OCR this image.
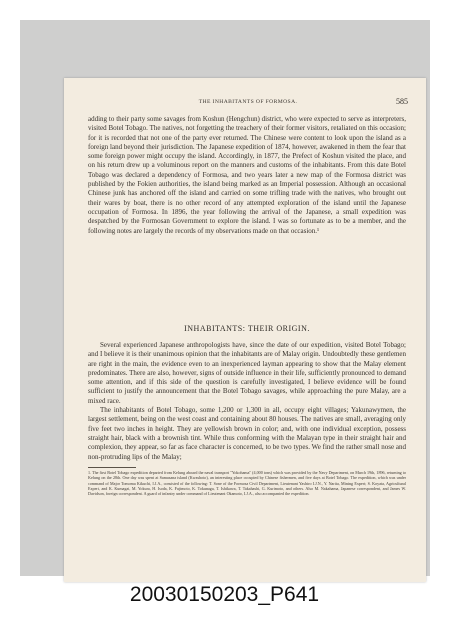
THE INHABITANTS OF FORMOSA.	585

adding to their party some savages from Koshun (Hengchun) district, who were expected to serve as interpreters, visited Botel Tobago. The natives, not forgetting the treachery of their former visitors, retaliated on this occasion; for it is recorded that not one of the party ever returned. The Chinese were content to look upon the island as a foreign land beyond their jurisdiction. The Japanese expedition of 1874, however, awakened in them the fear that some foreign power might occupy the island. Accordingly, in 1877, the Prefect of Koshun visited the place, and on his return drew up a voluminous report on the manners and customs of the inhabitants. From this date Botel Tobago was declared a dependency of Formosa, and two years later a new map of the Formosa district was published by the Fokien authorities, the island being marked as an Imperial possession. Although an occasional Chinese junk has anchored off the island and carried on some trifling trade with the natives, who brought out their wares by boat, there is no other record of any attempted exploration of the island until the Japanese occupation of Formosa. In 1896, the year following the arrival of the Japanese, a small expedition was despatched by the Formosan Government to explore the island. I was so fortunate as to be a member, and the following notes are largely the records of my observations made on that occasion.¹

INHABITANTS: THEIR ORIGIN.

Several experienced Japanese anthropologists have, since the date of our expedition, visited Botel Tobago; and I believe it is their unanimous opinion that the inhabitants are of Malay origin. Undoubtedly these gentlemen are right in the main, the evidence even to an inexperienced layman appearing to show that the Malay element predominates. There are also, however, signs of outside influence in their life, sufficiently pronounced to demand some attention, and if this side of the question is carefully investigated, I believe evidence will be found sufficient to justify the announcement that the Botel Tobago savages, while approaching the pure Malay, are a mixed race.

The inhabitants of Botel Tobago, some 1,200 or 1,300 in all, occupy eight villages; Yakunawymen, the largest settlement, being on the west coast and containing about 80 houses. The natives are small, averaging only five feet two inches in height. They are yellowish brown in color; and, with one individual exception, possess straight hair, black with a brownish tint. While thus conforming with the Malayan type in their straight hair and complexion, they appear, so far as face character is concerned, to be two types. We find the rather small nose and non-protruding lips of the Malay;

1. The first Botel Tobago expedition departed from Kelung aboard the naval transport "Yokohama" (4,000 tons) which was provided by the Navy Department, on March 19th, 1896, returning to Kelung on the 28th. One day was spent at Samasana island (Kwashoto), an interesting place occupied by Chinese fishermen, and five days at Botel Tobago. The expedition, which was under command of Major Tomoma Kikuchi, I.J.A., consisted of the following: T. Sone of the Formosa Civil Department, Lieutenant Yashiro I.J.N., Y. Narita, Mining Expert; S. Koyata, Agricultural Expert, and K. Kumagai, M. Yokura, H. Isoda, K. Fujimoto, K. Tokunaga, T. Ishikawa, T. Takahashi, G. Kurimoto, and others. Also M. Nakahama, Japanese correspondent, and James W. Davidson, foreign correspondent. A guard of infantry under command of Lieutenant Okamoto, I.J.A., also accompanied the expedition.
20030150203_P641
